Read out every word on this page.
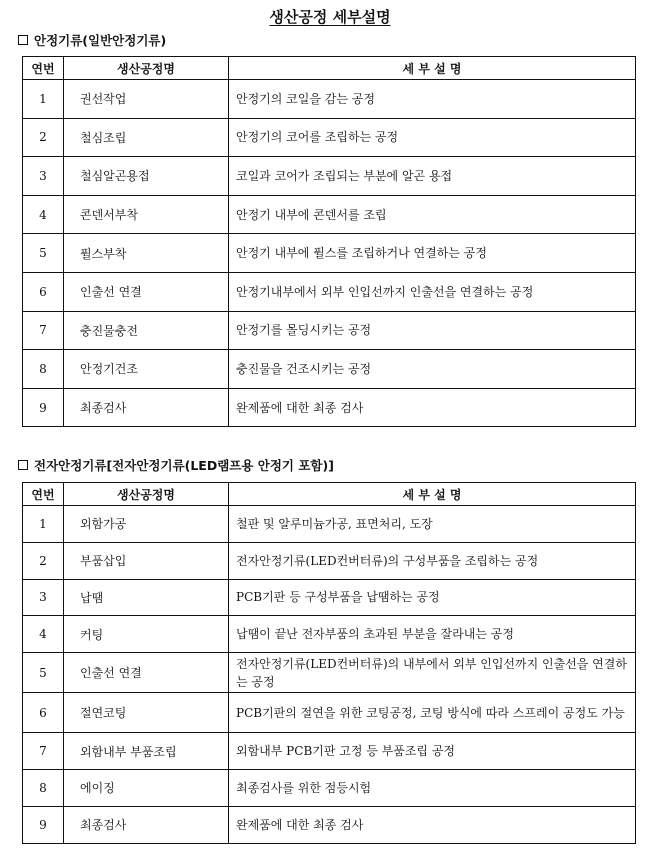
생산공정 세부설명
안정기류(일반안정기류)
연번	생산공정명	세 부 설 명
1	권선작업	안정기의 코일을 감는 공정
2	철심조립	안정기의 코어를 조립하는 공정
3	철심알곤용접	코일과 코어가 조립되는 부분에 알곤 용접
4	콘덴서부착	안정기 내부에 콘덴서를 조립
5	퓔스부착	안정기 내부에 퓔스를 조립하거나 연결하는 공정
6	인출선 연결	안정기내부에서 외부 인입선까지 인출선을 연결하는 공정
7	충진물충전	안정기를 몰딩시키는 공정
8	안정기건조	충진물을 건조시키는 공정
9	최종검사	완제품에 대한 최종 검사
전자안정기류[전자안정기류(LED램프용 안정기 포함)]
연번	생산공정명	세 부 설 명
1	외함가공	철판 및 알루미늄가공, 표면처리, 도장
2	부품삽입	전자안정기류(LED컨버터류)의 구성부품을 조립하는 공정
3	납땜	PCB기판 등 구성부품을 납땜하는 공정
4	커팅	납땜이 끝난 전자부품의 초과된 부분을 잘라내는 공정
5	인출선 연결	전자안정기류(LED컨버터류)의 내부에서 외부 인입선까지 인출선을 연결하는 공정
6	절연코팅	PCB기판의 절연을 위한 코팅공정, 코팅 방식에 따라 스프레이 공정도 가능
7	외함내부 부품조립	외함내부 PCB기판 고정 등 부품조립 공정
8	에이징	최종검사를 위한 점등시험
9	최종검사	완제품에 대한 최종 검사
